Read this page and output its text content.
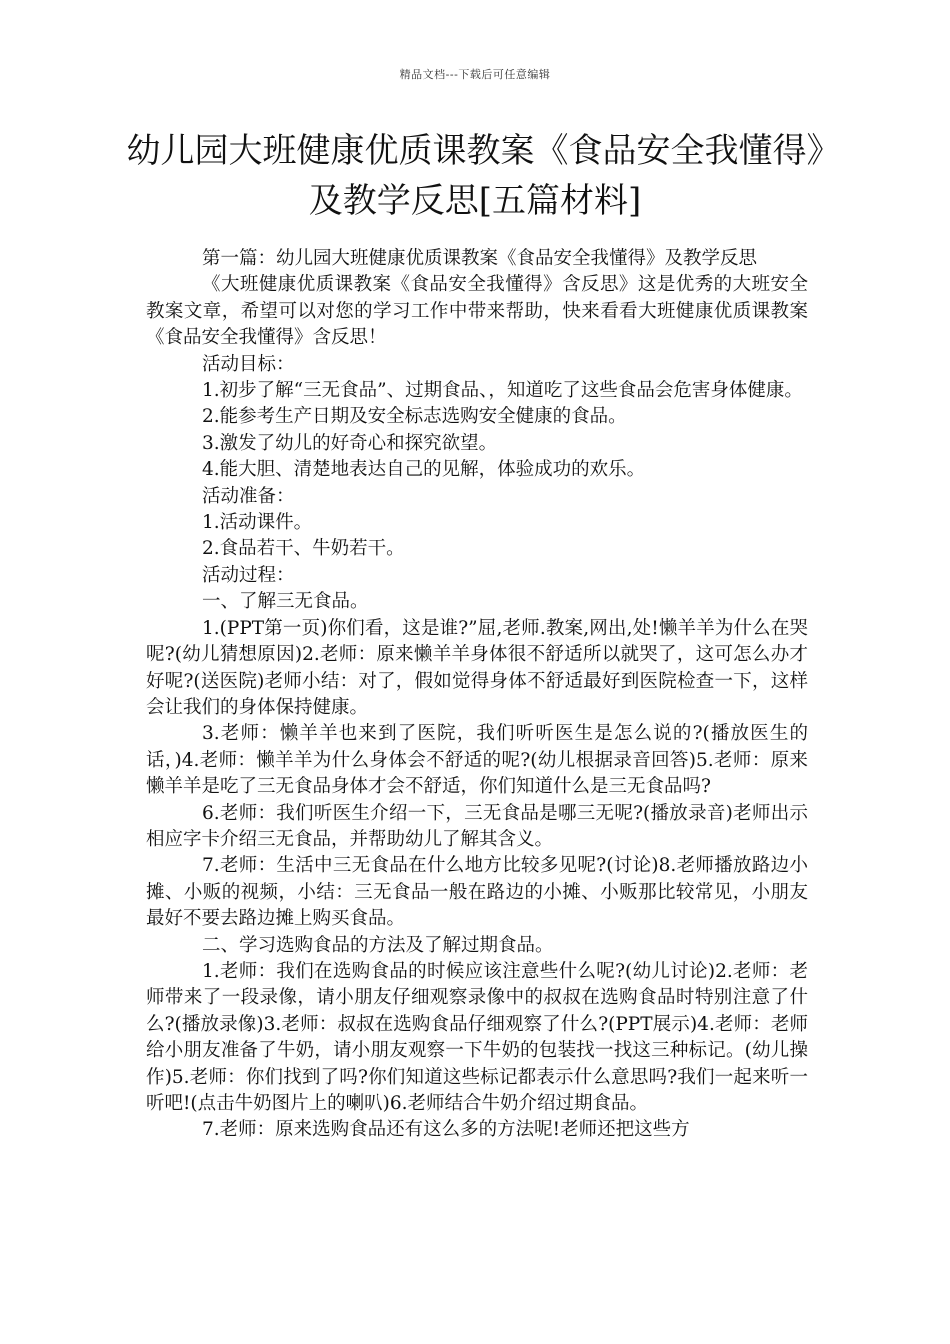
精品文档---下载后可任意编辑
幼儿园大班健康优质课教案《食品安全我懂得》及教学反思[五篇材料]

第一篇：幼儿园大班健康优质课教案《食品安全我懂得》及教学反思

《大班健康优质课教案《食品安全我懂得》含反思》这是优秀的大班安全教案文章，希望可以对您的学习工作中带来帮助，快来看看大班健康优质课教案《食品安全我懂得》含反思！

活动目标：

1.初步了解“三无食品”、过期食品、，知道吃了这些食品会危害身体健康。

2.能参考生产日期及安全标志选购安全健康的食品。

3.激发了幼儿的好奇心和探究欲望。

4.能大胆、清楚地表达自己的见解，体验成功的欢乐。

活动准备：

1.活动课件。

2.食品若干、牛奶若干。

活动过程：

一、了解三无食品。

1.(PPT第一页)你们看，这是谁?”屈,老师.教案,网出,处!懒羊羊为什么在哭呢?(幼儿猜想原因)2.老师：原来懒羊羊身体很不舒适所以就哭了，这可怎么办才好呢?(送医院)老师小结：对了，假如觉得身体不舒适最好到医院检查一下，这样会让我们的身体保持健康。

3.老师：懒羊羊也来到了医院，我们听听医生是怎么说的?(播放医生的话，)4.老师：懒羊羊为什么身体会不舒适的呢?(幼儿根据录音回答)5.老师：原来懒羊羊是吃了三无食品身体才会不舒适，你们知道什么是三无食品吗?

6.老师：我们听医生介绍一下，三无食品是哪三无呢?(播放录音)老师出示相应字卡介绍三无食品，并帮助幼儿了解其含义。

7.老师：生活中三无食品在什么地方比较多见呢?(讨论)8.老师播放路边小摊、小贩的视频，小结：三无食品一般在路边的小摊、小贩那比较常见，小朋友最好不要去路边摊上购买食品。

二、学习选购食品的方法及了解过期食品。

1.老师：我们在选购食品的时候应该注意些什么呢?(幼儿讨论)2.老师：老师带来了一段录像，请小朋友仔细观察录像中的叔叔在选购食品时特别注意了什么?(播放录像)3.老师：叔叔在选购食品仔细观察了什么?(PPT展示)4.老师：老师给小朋友准备了牛奶，请小朋友观察一下牛奶的包装找一找这三种标记。(幼儿操作)5.老师：你们找到了吗?你们知道这些标记都表示什么意思吗?我们一起来听一听吧!(点击牛奶图片上的喇叭)6.老师结合牛奶介绍过期食品。

7.老师：原来选购食品还有这么多的方法呢!老师还把这些方
